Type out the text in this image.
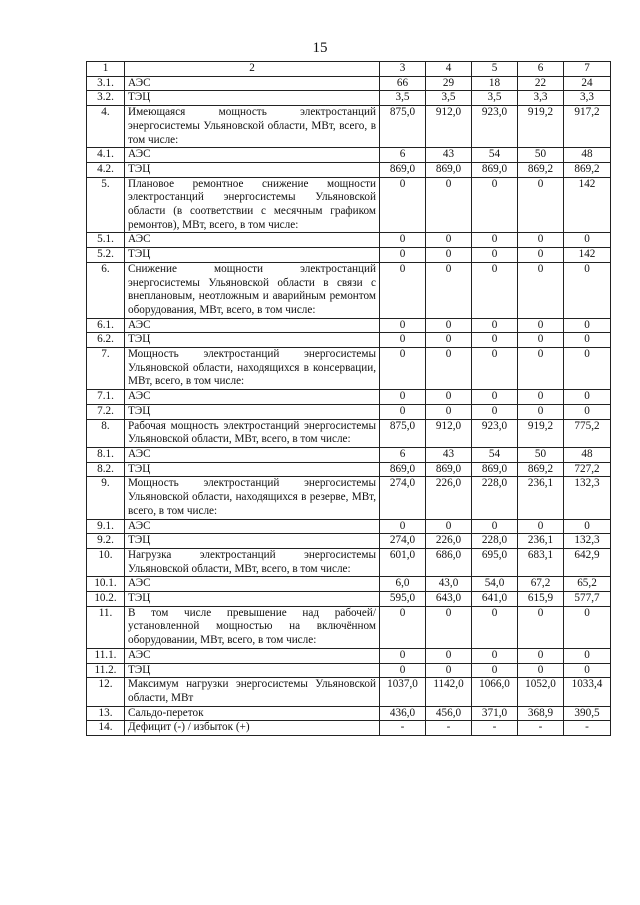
15
1	2	3	4	5	6	7
3.1.	АЭС	66	29	18	22	24
3.2.	ТЭЦ	3,5	3,5	3,5	3,3	3,3
4.	Имеющаяся мощность электростанций энергосистемы Ульяновской области, МВт, всего, в том числе:	875,0	912,0	923,0	919,2	917,2
4.1.	АЭС	6	43	54	50	48
4.2.	ТЭЦ	869,0	869,0	869,0	869,2	869,2
5.	Плановое ремонтное снижение мощности электростанций энергосистемы Ульяновской области (в соответствии с месячным графиком ремонтов), МВт, всего, в том числе:	0	0	0	0	142
5.1.	АЭС	0	0	0	0	0
5.2.	ТЭЦ	0	0	0	0	142
6.	Снижение мощности электростанций энергосистемы Ульяновской области в связи с внеплановым, неотложным и аварийным ремонтом оборудования, МВт, всего, в том числе:	0	0	0	0	0
6.1.	АЭС	0	0	0	0	0
6.2.	ТЭЦ	0	0	0	0	0
7.	Мощность электростанций энергосистемы Ульяновской области, находящихся в консервации, МВт, всего, в том числе:	0	0	0	0	0
7.1.	АЭС	0	0	0	0	0
7.2.	ТЭЦ	0	0	0	0	0
8.	Рабочая мощность электростанций энергосистемы Ульяновской области, МВт, всего, в том числе:	875,0	912,0	923,0	919,2	775,2
8.1.	АЭС	6	43	54	50	48
8.2.	ТЭЦ	869,0	869,0	869,0	869,2	727,2
9.	Мощность электростанций энергосистемы Ульяновской области, находящихся в резерве, МВт, всего, в том числе:	274,0	226,0	228,0	236,1	132,3
9.1.	АЭС	0	0	0	0	0
9.2.	ТЭЦ	274,0	226,0	228,0	236,1	132,3
10.	Нагрузка электростанций энергосистемы Ульяновской области, МВт, всего, в том числе:	601,0	686,0	695,0	683,1	642,9
10.1.	АЭС	6,0	43,0	54,0	67,2	65,2
10.2.	ТЭЦ	595,0	643,0	641,0	615,9	577,7
11.	В том числе превышение над рабочей/ установленной мощностью на включённом оборудовании, МВт, всего, в том числе:	0	0	0	0	0
11.1.	АЭС	0	0	0	0	0
11.2.	ТЭЦ	0	0	0	0	0
12.	Максимум нагрузки энергосистемы Ульяновской области, МВт	1037,0	1142,0	1066,0	1052,0	1033,4
13.	Сальдо-переток	436,0	456,0	371,0	368,9	390,5
14.	Дефицит (-) / избыток (+)	-	-	-	-	-
